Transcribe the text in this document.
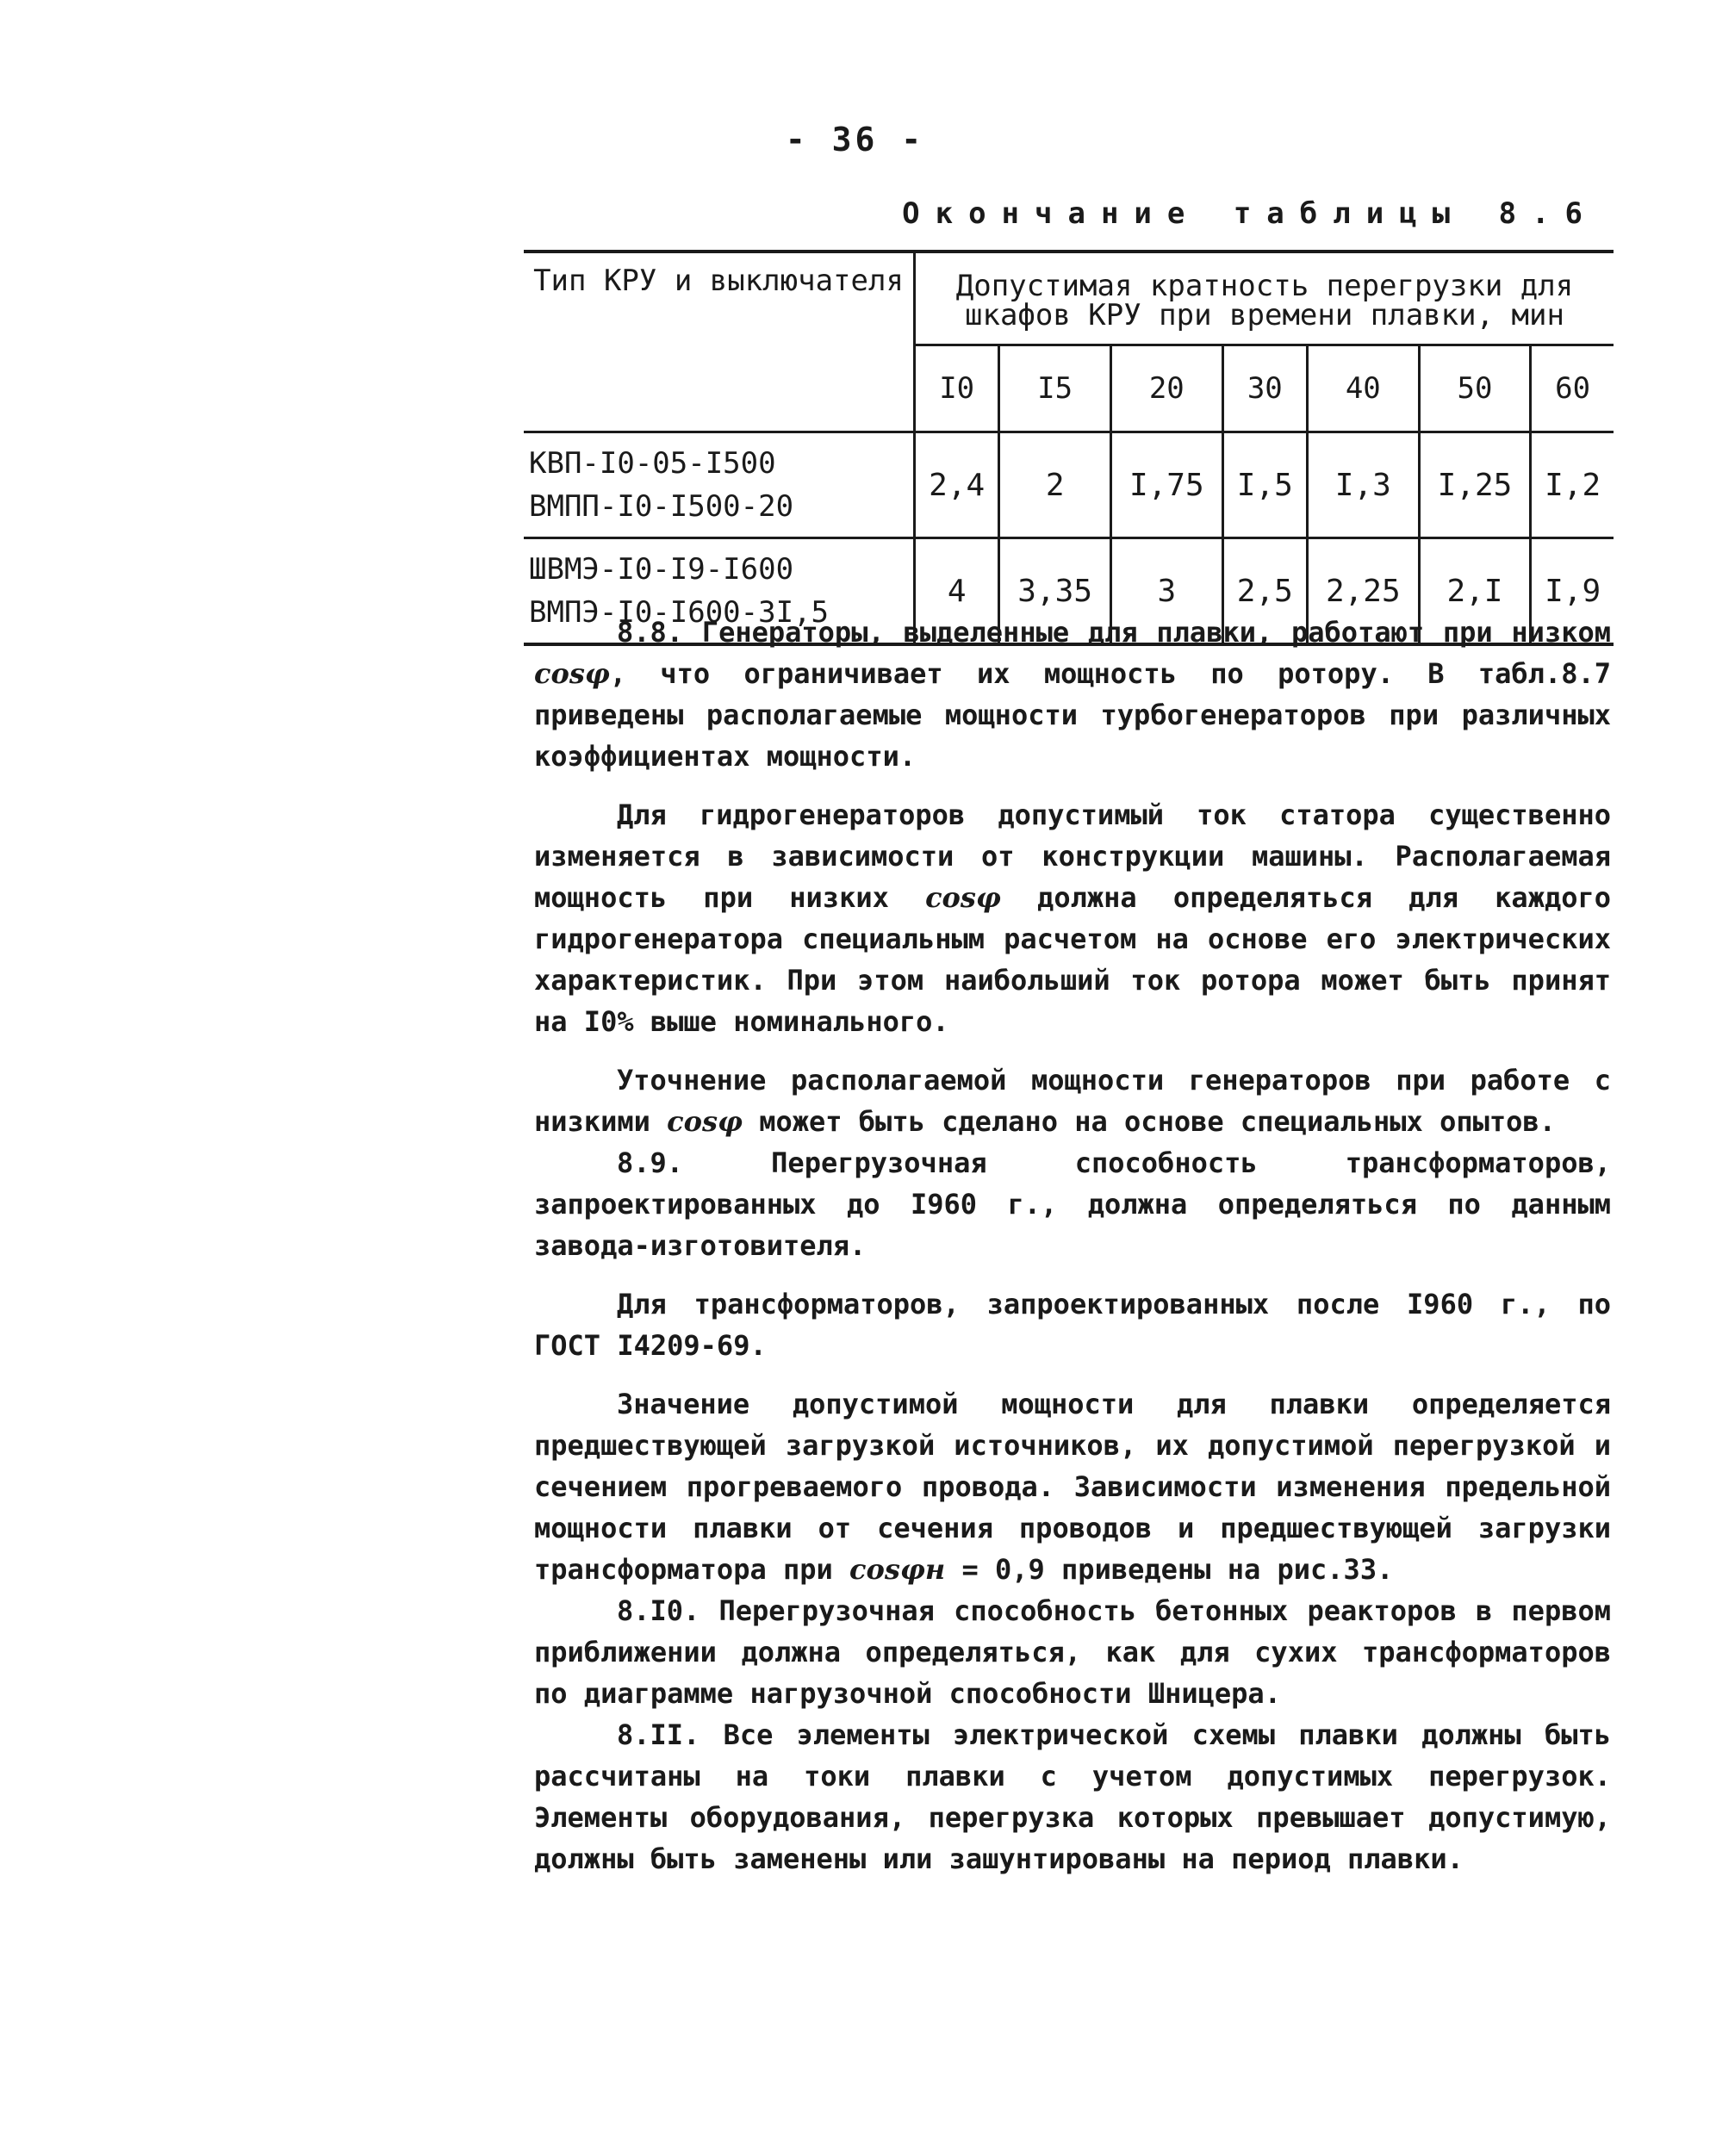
- 36 -
Окончание таблицы 8.6
Тип КРУ и выключателя	Допустимая кратность перегрузки для шкафов КРУ при времени плавки, мин						
	I0	I5	20	30	40	50	60

КВП-I0-05-I500
ВМПП-I0-I500-20	2,4	2	I,75	I,5	I,3	I,25	I,2

ШВМЭ-I0-I9-I600
ВМПЭ-I0-I600-3I,5	4	3,35	3	2,5	2,25	2,I	I,9

8.8. Генераторы, выделенные для плавки, работают при низком cosφ, что ограничивает их мощность по ротору. В табл.8.7 приведены располагаемые мощности турбогенераторов при различных коэффициентах мощности.

Для гидрогенераторов допустимый ток статора существенно изменяется в зависимости от конструкции машины. Располагаемая мощность при низких cosφ должна определяться для каждого гидрогенератора специальным расчетом на основе его электрических характеристик. При этом наибольший ток ротора может быть принят на I0% выше номинального.

Уточнение располагаемой мощности генераторов при работе с низкими cosφ может быть сделано на основе специальных опытов.

8.9. Перегрузочная способность трансформаторов, запроектированных до I960 г., должна определяться по данным завода-изготовителя.

Для трансформаторов, запроектированных после I960 г., по ГОСТ I4209-69.

Значение допустимой мощности для плавки определяется предшествующей загрузкой источников, их допустимой перегрузкой и сечением прогреваемого провода. Зависимости изменения предельной мощности плавки от сечения проводов и предшествующей загрузки трансформатора при cosφн = 0,9 приведены на рис.33.

8.I0. Перегрузочная способность бетонных реакторов в первом приближении должна определяться, как для сухих трансформаторов по диаграмме нагрузочной способности Шницера.

8.II. Все элементы электрической схемы плавки должны быть рассчитаны на токи плавки с учетом допустимых перегрузок. Элементы оборудования, перегрузка которых превышает допустимую, должны быть заменены или зашунтированы на период плавки.
